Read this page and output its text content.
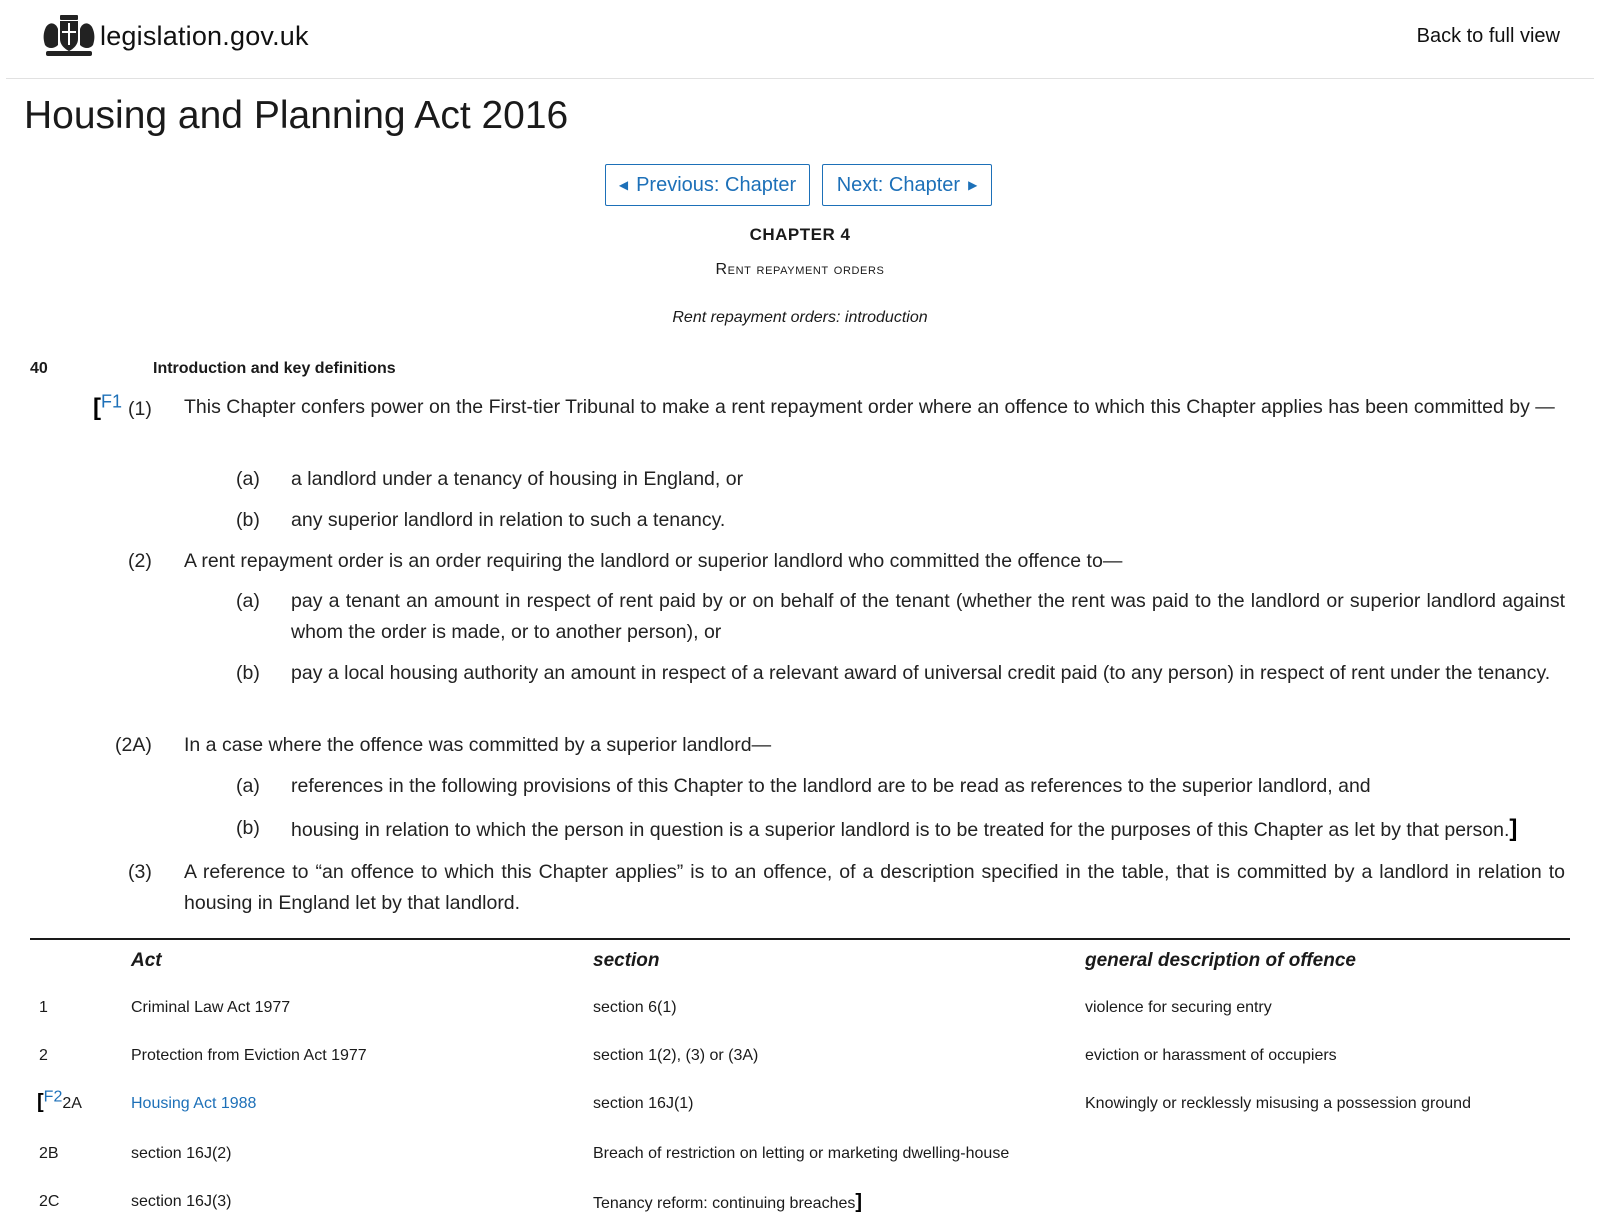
legislation.gov.uk	Back to full view
Housing and Planning Act 2016
◀ Previous: Chapter Next: Chapter ▶
CHAPTER 4
Rent repayment orders
Rent repayment orders: introduction
40	Introduction and key definitions
[F1 (1) This Chapter confers power on the First-tier Tribunal to make a rent repayment order where an offence to which this Chapter applies has been committed by —
(a) a landlord under a tenancy of housing in England, or
(b) any superior landlord in relation to such a tenancy.
(2) A rent repayment order is an order requiring the landlord or superior landlord who committed the offence to—
(a) pay a tenant an amount in respect of rent paid by or on behalf of the tenant (whether the rent was paid to the landlord or superior landlord against whom the order is made, or to another person), or
(b) pay a local housing authority an amount in respect of a relevant award of universal credit paid (to any person) in respect of rent under the tenancy.
(2A) In a case where the offence was committed by a superior landlord—
(a) references in the following provisions of this Chapter to the landlord are to be read as references to the superior landlord, and
(b) housing in relation to which the person in question is a superior landlord is to be treated for the purposes of this Chapter as let by that person.]
(3) A reference to “an offence to which this Chapter applies” is to an offence, of a description specified in the table, that is committed by a landlord in relation to housing in England let by that landlord.
Act	section	general description of offence
1	Criminal Law Act 1977	section 6(1)	violence for securing entry
2	Protection from Eviction Act 1977	section 1(2), (3) or (3A)	eviction or harassment of occupiers
[F22A	Housing Act 1988	section 16J(1)	Knowingly or recklessly misusing a possession ground
2B	section 16J(2)	Breach of restriction on letting or marketing dwelling-house
2C	section 16J(3)	Tenancy reform: continuing breaches]
